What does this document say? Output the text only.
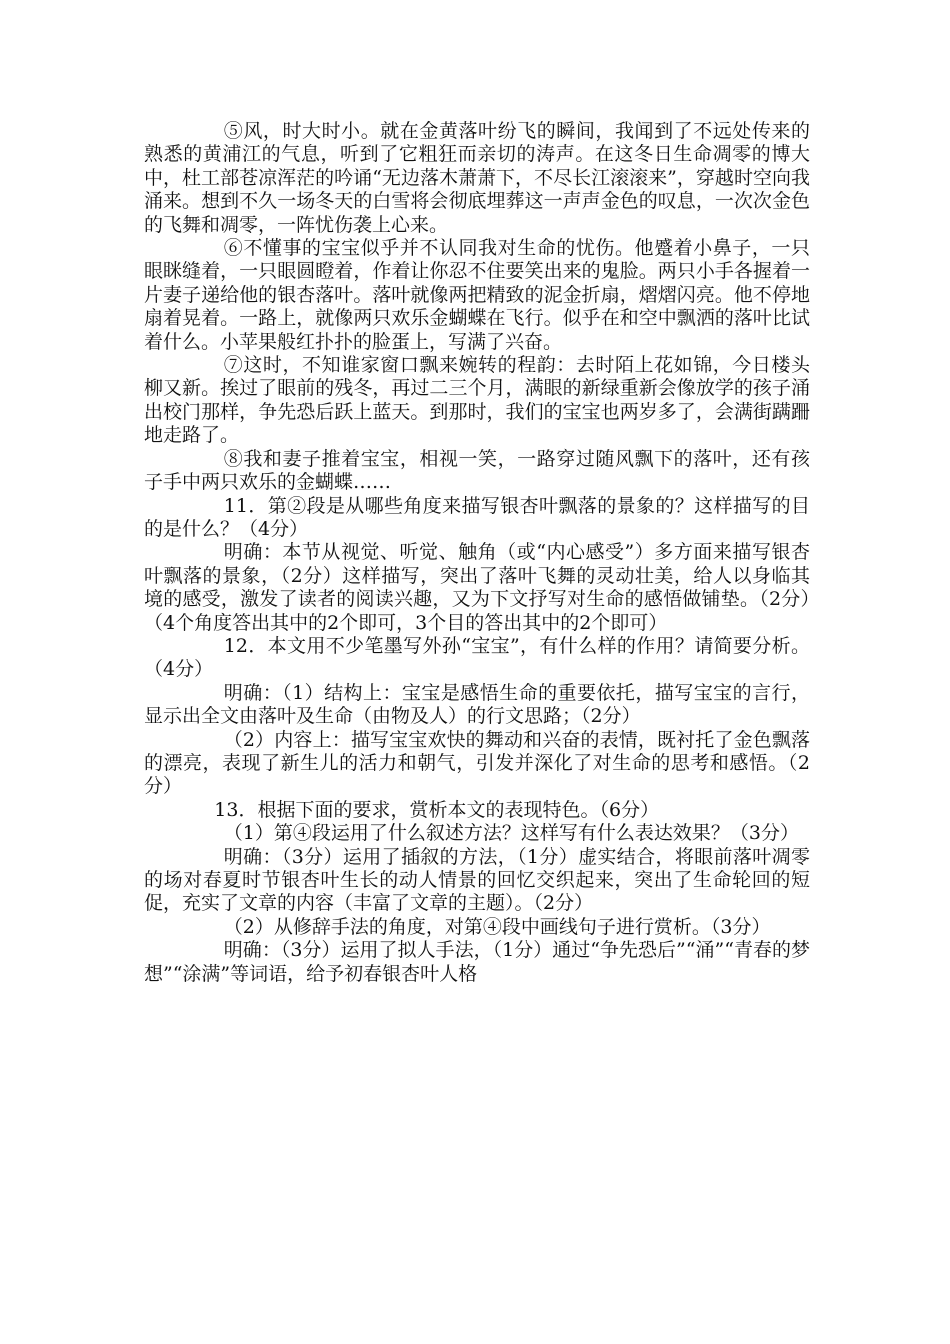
⑤风，时大时小。就在金黄落叶纷飞的瞬间，我闻到了不远处传来的熟悉的黄浦江的气息，听到了它粗狂而亲切的涛声。在这冬日生命凋零的博大中，杜工部苍凉浑茫的吟诵“无边落木萧萧下，不尽长江滚滚来”，穿越时空向我涌来。想到不久一场冬天的白雪将会彻底埋葬这一声声金色的叹息，一次次金色的飞舞和凋零，一阵忧伤袭上心来。

⑥不懂事的宝宝似乎并不认同我对生命的忧伤。他蹙着小鼻子，一只眼眯缝着，一只眼圆瞪着，作着让你忍不住要笑出来的鬼脸。两只小手各握着一片妻子递给他的银杏落叶。落叶就像两把精致的泥金折扇，熠熠闪亮。他不停地扇着晃着。一路上，就像两只欢乐金蝴蝶在飞行。似乎在和空中飘洒的落叶比试着什么。小苹果般红扑扑的脸蛋上，写满了兴奋。

⑦这时，不知谁家窗口飘来婉转的程韵：去时陌上花如锦，今日楼头柳又新。挨过了眼前的残冬，再过二三个月，满眼的新绿重新会像放学的孩子涌出校门那样，争先恐后跃上蓝天。到那时，我们的宝宝也两岁多了，会满街蹒跚地走路了。

⑧我和妻子推着宝宝，相视一笑，一路穿过随风飘下的落叶，还有孩子手中两只欢乐的金蝴蝶……

11．第②段是从哪些角度来描写银杏叶飘落的景象的？这样描写的目的是什么？（4分）

明确：本节从视觉、听觉、触角（或“内心感受”）多方面来描写银杏叶飘落的景象，（2分）这样描写，突出了落叶飞舞的灵动壮美，给人以身临其境的感受，激发了读者的阅读兴趣，又为下文抒写对生命的感悟做铺垫。（2分）（4个角度答出其中的2个即可，3个目的答出其中的2个即可）

12．本文用不少笔墨写外孙“宝宝”，有什么样的作用？请简要分析。（4分）

明确：（1）结构上：宝宝是感悟生命的重要依托，描写宝宝的言行，显示出全文由落叶及生命（由物及人）的行文思路；（2分）

（2）内容上：描写宝宝欢快的舞动和兴奋的表情，既衬托了金色飘落的漂亮，表现了新生儿的活力和朝气，引发并深化了对生命的思考和感悟。（2分）

13．根据下面的要求，赏析本文的表现特色。（6分）

（1）第④段运用了什么叙述方法？这样写有什么表达效果？（3分）

明确：（3分）运用了插叙的方法，（1分）虚实结合，将眼前落叶凋零的场对春夏时节银杏叶生长的动人情景的回忆交织起来，突出了生命轮回的短促，充实了文章的内容（丰富了文章的主题）。（2分）

（2）从修辞手法的角度，对第④段中画线句子进行赏析。（3分）

明确：（3分）运用了拟人手法，（1分）通过“争先恐后”“涌”“青春的梦想”“涂满”等词语，给予初春银杏叶人格
